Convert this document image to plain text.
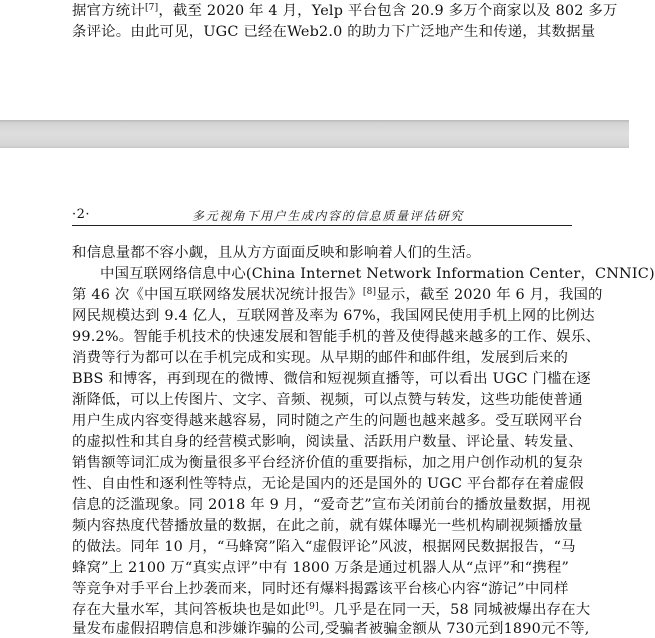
据官方统计[7]，截至 2020 年 4 月，Yelp 平台包含 20.9 多万个商家以及 802 多万
条评论。由此可见，UGC 已经在Web2.0 的助力下广泛地产生和传递，其数据量
·2·	多元视角下用户生成内容的信息质量评估研究
和信息量都不容小觑，且从方方面面反映和影响着人们的生活。
中国互联网络信息中心(China Internet Network Information Center，CNNIC)
第 46 次《中国互联网络发展状况统计报告》[8]显示，截至 2020 年 6 月，我国的
网民规模达到 9.4 亿人，互联网普及率为 67%，我国网民使用手机上网的比例达
99.2%。智能手机技术的快速发展和智能手机的普及使得越来越多的工作、娱乐、
消费等行为都可以在手机完成和实现。从早期的邮件和邮件组，发展到后来的
BBS 和博客，再到现在的微博、微信和短视频直播等，可以看出 UGC 门槛在逐
渐降低，可以上传图片、文字、音频、视频，可以点赞与转发，这些功能使普通
用户生成内容变得越来越容易，同时随之产生的问题也越来越多。受互联网平台
的虚拟性和其自身的经营模式影响，阅读量、活跃用户数量、评论量、转发量、
销售额等词汇成为衡量很多平台经济价值的重要指标，加之用户创作动机的复杂
性、自由性和逐利性等特点，无论是国内的还是国外的 UGC 平台都存在着虚假
信息的泛滥现象。同 2018 年 9 月，“爱奇艺”宣布关闭前台的播放量数据，用视
频内容热度代替播放量的数据，在此之前，就有媒体曝光一些机构刷视频播放量
的做法。同年 10 月，“马蜂窝”陷入“虚假评论”风波，根据网民数据报告，“马
蜂窝”上 2100 万“真实点评”中有 1800 万条是通过机器人从“点评”和“携程”
等竞争对手平台上抄袭而来，同时还有爆料揭露该平台核心内容“游记”中同样
存在大量水军，其问答板块也是如此[9]。几乎是在同一天，58 同城被爆出存在大
量发布虚假招聘信息和涉嫌诈骗的公司,受骗者被骗金额从 730元到1890元不等,
